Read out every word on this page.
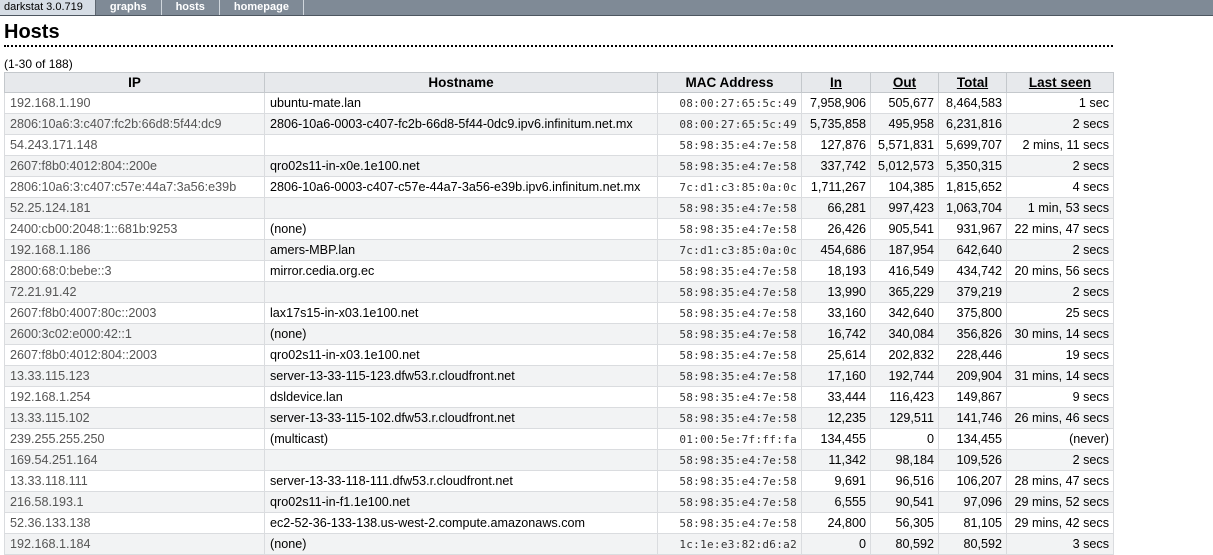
darkstat 3.0.719	graphs	hosts	homepage
Hosts
(1-30 of 188)
IP	Hostname	MAC Address	In	Out	Total	Last seen
192.168.1.190	ubuntu-mate.lan	08:00:27:65:5c:49	7,958,906	505,677	8,464,583	1 sec
2806:10a6:3:c407:fc2b:66d8:5f44:dc9	2806-10a6-0003-c407-fc2b-66d8-5f44-0dc9.ipv6.infinitum.net.mx	08:00:27:65:5c:49	5,735,858	495,958	6,231,816	2 secs
54.243.171.148		58:98:35:e4:7e:58	127,876	5,571,831	5,699,707	2 mins, 11 secs
2607:f8b0:4012:804::200e	qro02s11-in-x0e.1e100.net	58:98:35:e4:7e:58	337,742	5,012,573	5,350,315	2 secs
2806:10a6:3:c407:c57e:44a7:3a56:e39b	2806-10a6-0003-c407-c57e-44a7-3a56-e39b.ipv6.infinitum.net.mx	7c:d1:c3:85:0a:0c	1,711,267	104,385	1,815,652	4 secs
52.25.124.181		58:98:35:e4:7e:58	66,281	997,423	1,063,704	1 min, 53 secs
2400:cb00:2048:1::681b:9253	(none)	58:98:35:e4:7e:58	26,426	905,541	931,967	22 mins, 47 secs
192.168.1.186	amers-MBP.lan	7c:d1:c3:85:0a:0c	454,686	187,954	642,640	2 secs
2800:68:0:bebe::3	mirror.cedia.org.ec	58:98:35:e4:7e:58	18,193	416,549	434,742	20 mins, 56 secs
72.21.91.42		58:98:35:e4:7e:58	13,990	365,229	379,219	2 secs
2607:f8b0:4007:80c::2003	lax17s15-in-x03.1e100.net	58:98:35:e4:7e:58	33,160	342,640	375,800	25 secs
2600:3c02:e000:42::1	(none)	58:98:35:e4:7e:58	16,742	340,084	356,826	30 mins, 14 secs
2607:f8b0:4012:804::2003	qro02s11-in-x03.1e100.net	58:98:35:e4:7e:58	25,614	202,832	228,446	19 secs
13.33.115.123	server-13-33-115-123.dfw53.r.cloudfront.net	58:98:35:e4:7e:58	17,160	192,744	209,904	31 mins, 14 secs
192.168.1.254	dsldevice.lan	58:98:35:e4:7e:58	33,444	116,423	149,867	9 secs
13.33.115.102	server-13-33-115-102.dfw53.r.cloudfront.net	58:98:35:e4:7e:58	12,235	129,511	141,746	26 mins, 46 secs
239.255.255.250	(multicast)	01:00:5e:7f:ff:fa	134,455	0	134,455	(never)
169.54.251.164		58:98:35:e4:7e:58	11,342	98,184	109,526	2 secs
13.33.118.111	server-13-33-118-111.dfw53.r.cloudfront.net	58:98:35:e4:7e:58	9,691	96,516	106,207	28 mins, 47 secs
216.58.193.1	qro02s11-in-f1.1e100.net	58:98:35:e4:7e:58	6,555	90,541	97,096	29 mins, 52 secs
52.36.133.138	ec2-52-36-133-138.us-west-2.compute.amazonaws.com	58:98:35:e4:7e:58	24,800	56,305	81,105	29 mins, 42 secs
192.168.1.184	(none)	1c:1e:e3:82:d6:a2	0	80,592	80,592	3 secs
